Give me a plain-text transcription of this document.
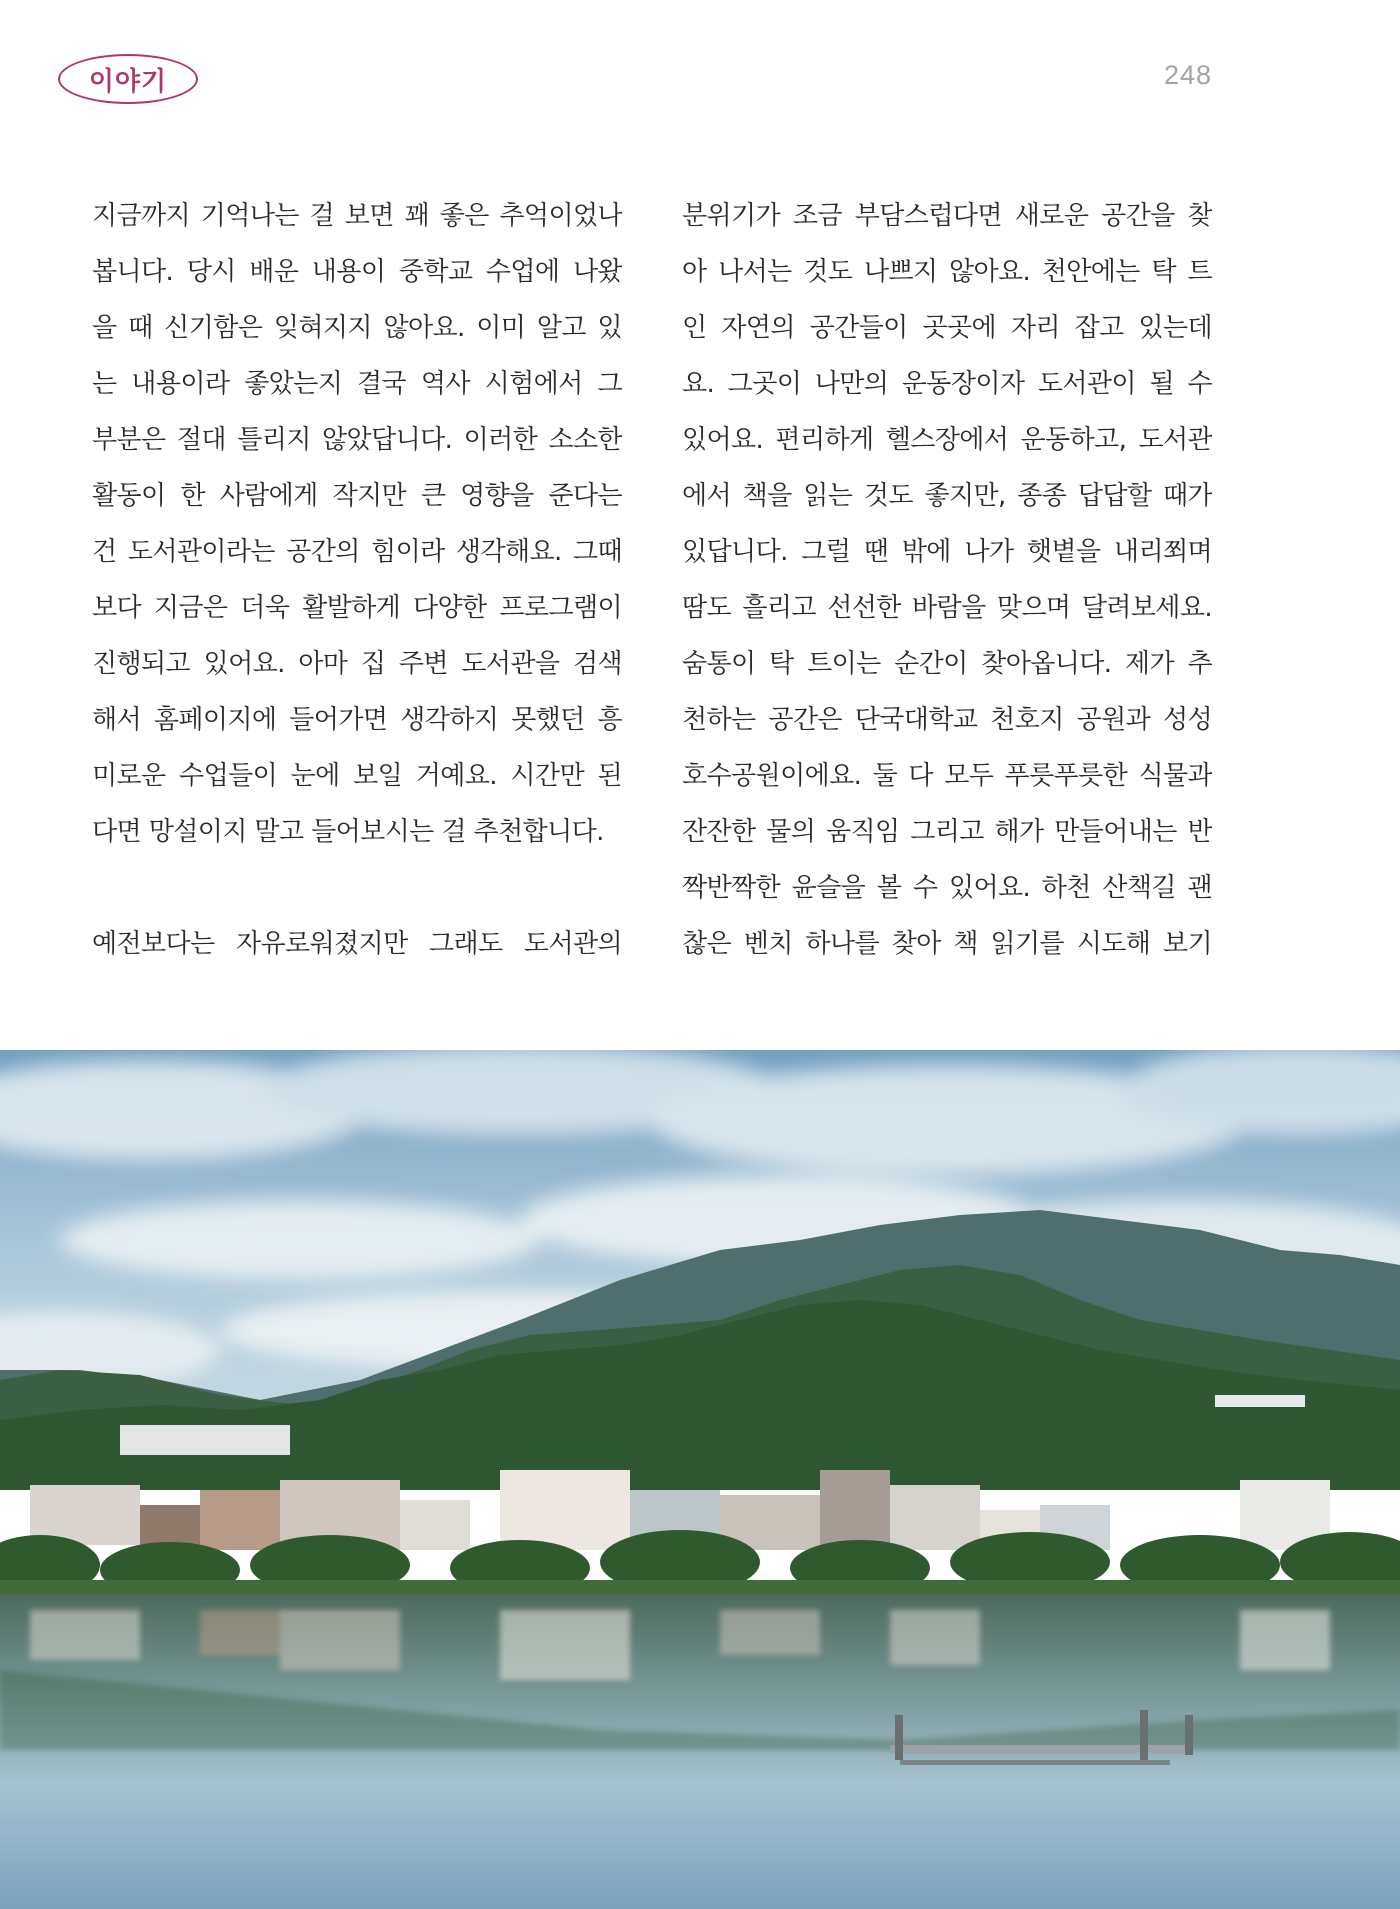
이야기	248
지금까지 기억나는 걸 보면 꽤 좋은 추억이었나
봅니다. 당시 배운 내용이 중학교 수업에 나왔
을 때 신기함은 잊혀지지 않아요. 이미 알고 있
는 내용이라 좋았는지 결국 역사 시험에서 그
부분은 절대 틀리지 않았답니다. 이러한 소소한
활동이 한 사람에게 작지만 큰 영향을 준다는
건 도서관이라는 공간의 힘이라 생각해요. 그때
보다 지금은 더욱 활발하게 다양한 프로그램이
진행되고 있어요. 아마 집 주변 도서관을 검색
해서 홈페이지에 들어가면 생각하지 못했던 흥
미로운 수업들이 눈에 보일 거예요. 시간만 된
다면 망설이지 말고 들어보시는 걸 추천합니다.
예전보다는 자유로워졌지만 그래도 도서관의
분위기가 조금 부담스럽다면 새로운 공간을 찾
아 나서는 것도 나쁘지 않아요. 천안에는 탁 트
인 자연의 공간들이 곳곳에 자리 잡고 있는데
요. 그곳이 나만의 운동장이자 도서관이 될 수
있어요. 편리하게 헬스장에서 운동하고, 도서관
에서 책을 읽는 것도 좋지만, 종종 답답할 때가
있답니다. 그럴 땐 밖에 나가 햇볕을 내리쬐며
땀도 흘리고 선선한 바람을 맞으며 달려보세요.
숨통이 탁 트이는 순간이 찾아옵니다. 제가 추
천하는 공간은 단국대학교 천호지 공원과 성성
호수공원이에요. 둘 다 모두 푸릇푸릇한 식물과
잔잔한 물의 움직임 그리고 해가 만들어내는 반
짝반짝한 윤슬을 볼 수 있어요. 하천 산책길 괜
찮은 벤치 하나를 찾아 책 읽기를 시도해 보기
